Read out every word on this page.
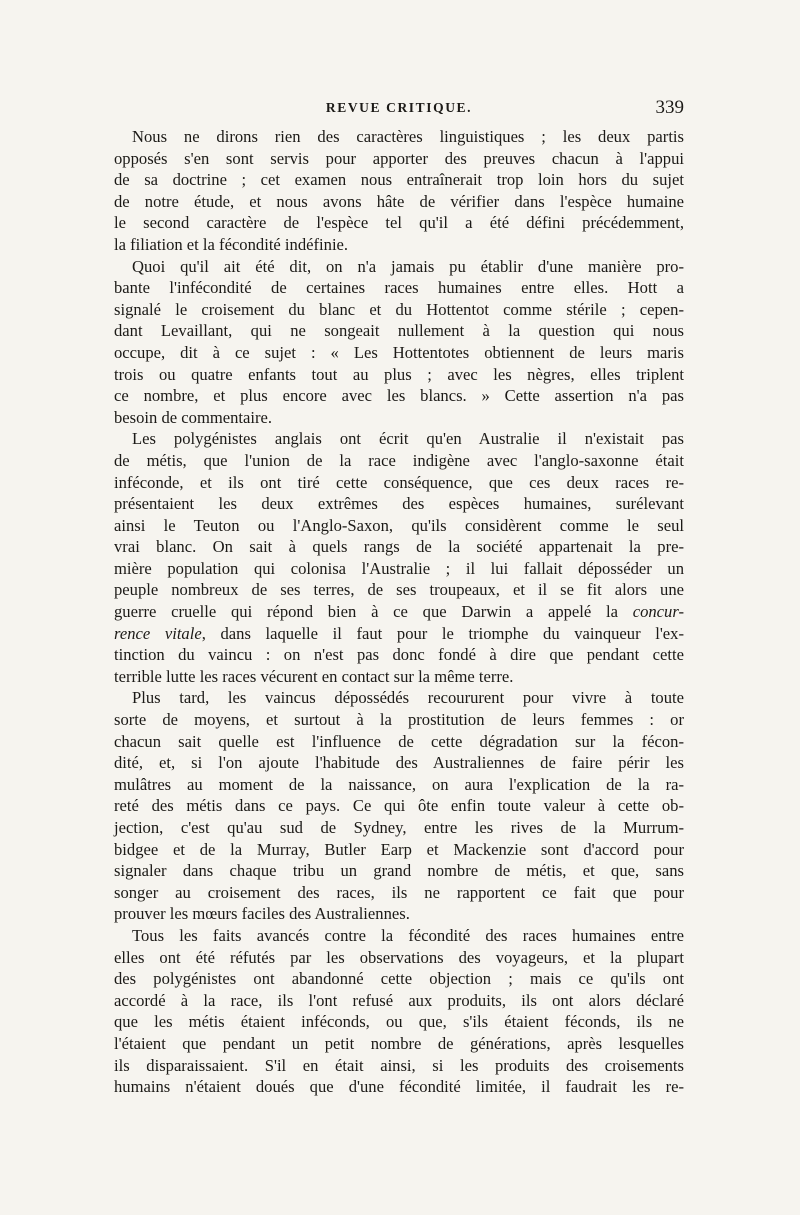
REVUE CRITIQUE.	339
Nous ne dirons rien des caractères linguistiques ; les deux partis
opposés s'en sont servis pour apporter des preuves chacun à l'appui
de sa doctrine ; cet examen nous entraînerait trop loin hors du sujet
de notre étude, et nous avons hâte de vérifier dans l'espèce humaine
le second caractère de l'espèce tel qu'il a été défini précédemment,
la filiation et la fécondité indéfinie.
Quoi qu'il ait été dit, on n'a jamais pu établir d'une manière pro-
bante l'infécondité de certaines races humaines entre elles. Hott a
signalé le croisement du blanc et du Hottentot comme stérile ; cepen-
dant Levaillant, qui ne songeait nullement à la question qui nous
occupe, dit à ce sujet : « Les Hottentotes obtiennent de leurs maris
trois ou quatre enfants tout au plus ; avec les nègres, elles triplent
ce nombre, et plus encore avec les blancs. » Cette assertion n'a pas
besoin de commentaire.
Les polygénistes anglais ont écrit qu'en Australie il n'existait pas
de métis, que l'union de la race indigène avec l'anglo-saxonne était
inféconde, et ils ont tiré cette conséquence, que ces deux races re-
présentaient les deux extrêmes des espèces humaines, surélevant
ainsi le Teuton ou l'Anglo-Saxon, qu'ils considèrent comme le seul
vrai blanc. On sait à quels rangs de la société appartenait la pre-
mière population qui colonisa l'Australie ; il lui fallait déposséder un
peuple nombreux de ses terres, de ses troupeaux, et il se fit alors une
guerre cruelle qui répond bien à ce que Darwin a appelé la concur-
rence vitale, dans laquelle il faut pour le triomphe du vainqueur l'ex-
tinction du vaincu : on n'est pas donc fondé à dire que pendant cette
terrible lutte les races vécurent en contact sur la même terre.
Plus tard, les vaincus dépossédés recoururent pour vivre à toute
sorte de moyens, et surtout à la prostitution de leurs femmes : or
chacun sait quelle est l'influence de cette dégradation sur la fécon-
dité, et, si l'on ajoute l'habitude des Australiennes de faire périr les
mulâtres au moment de la naissance, on aura l'explication de la ra-
reté des métis dans ce pays. Ce qui ôte enfin toute valeur à cette ob-
jection, c'est qu'au sud de Sydney, entre les rives de la Murrum-
bidgee et de la Murray, Butler Earp et Mackenzie sont d'accord pour
signaler dans chaque tribu un grand nombre de métis, et que, sans
songer au croisement des races, ils ne rapportent ce fait que pour
prouver les mœurs faciles des Australiennes.
Tous les faits avancés contre la fécondité des races humaines entre
elles ont été réfutés par les observations des voyageurs, et la plupart
des polygénistes ont abandonné cette objection ; mais ce qu'ils ont
accordé à la race, ils l'ont refusé aux produits, ils ont alors déclaré
que les métis étaient inféconds, ou que, s'ils étaient féconds, ils ne
l'étaient que pendant un petit nombre de générations, après lesquelles
ils disparaissaient. S'il en était ainsi, si les produits des croisements
humains n'étaient doués que d'une fécondité limitée, il faudrait les re-
